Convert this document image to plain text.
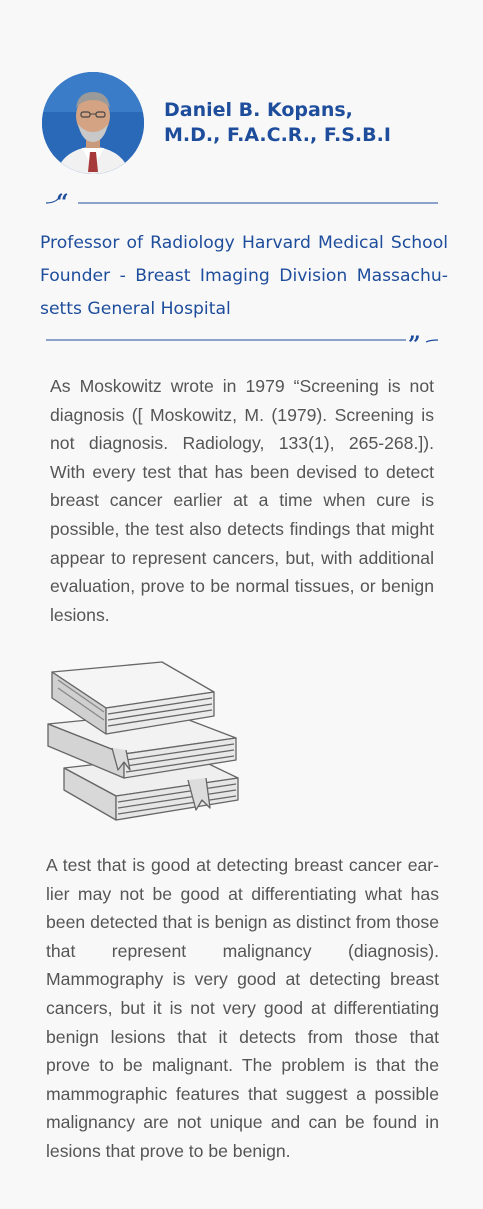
Daniel B. Kopans,
M.D., F.A.C.R., F.S.B.I
“
Professor of Radiology Harvard Medical School Founder - Breast Imaging Division Massachusetts General Hospital
”
As Moskowitz wrote in 1979 “Screening is not diagnosis ([ Moskowitz, M. (1979). Screening is not diagnosis. Radiology, 133(1), 265-268.]). With every test that has been devised to detect breast cancer earlier at a time when cure is possible, the test also detects findings that might appear to represent cancers, but, with additional evaluation, prove to be normal tissues, or benign lesions.
A test that is good at detecting breast cancer earlier may not be good at differentiating what has been detected that is benign as distinct from those that represent malignancy (diagnosis). Mammography is very good at detecting breast cancers, but it is not very good at differentiating benign lesions that it detects from those that prove to be malignant. The problem is that the mammographic features that suggest a possible malignancy are not unique and can be found in lesions that prove to be benign.
